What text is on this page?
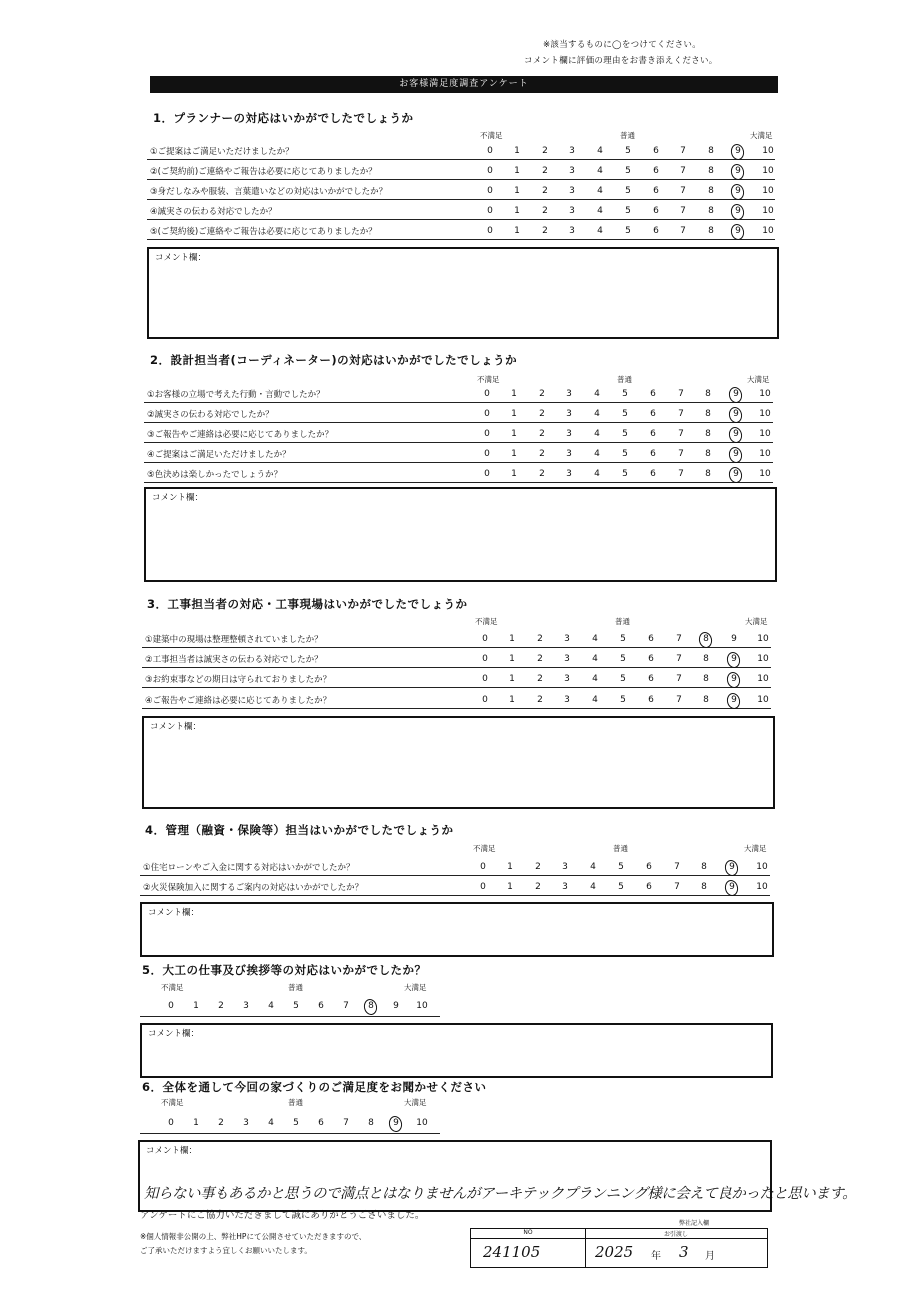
※該当するものに◯をつけてください。
コメント欄に評価の理由をお書き添えください。
お客様満足度調査アンケート
1．プランナーの対応はいかがでしたでしょうか
不満足	普通	大満足
①ご提案はご満足いただけましたか？	0	1	2	3	4	5	6	7	8	9	10
②(ご契約前)ご連絡やご報告は必要に応じてありましたか？	0	1	2	3	4	5	6	7	8	9	10
③身だしなみや服装、言葉遣いなどの対応はいかがでしたか？	0	1	2	3	4	5	6	7	8	9	10
④誠実さの伝わる対応でしたか？	0	1	2	3	4	5	6	7	8	9	10
⑤(ご契約後)ご連絡やご報告は必要に応じてありましたか？	0	1	2	3	4	5	6	7	8	9	10
コメント欄：
2．設計担当者(コーディネーター)の対応はいかがでしたでしょうか
不満足	普通	大満足
①お客様の立場で考えた行動・言動でしたか？	0	1	2	3	4	5	6	7	8	9	10
②誠実さの伝わる対応でしたか？	0	1	2	3	4	5	6	7	8	9	10
③ご報告やご連絡は必要に応じてありましたか？	0	1	2	3	4	5	6	7	8	9	10
④ご提案はご満足いただけましたか？	0	1	2	3	4	5	6	7	8	9	10
⑤色決めは楽しかったでしょうか？	0	1	2	3	4	5	6	7	8	9	10
コメント欄：
3．工事担当者の対応・工事現場はいかがでしたでしょうか
不満足	普通	大満足
①建築中の現場は整理整頓されていましたか？	0	1	2	3	4	5	6	7	8	9	10
②工事担当者は誠実さの伝わる対応でしたか？	0	1	2	3	4	5	6	7	8	9	10
③お約束事などの期日は守られておりましたか？	0	1	2	3	4	5	6	7	8	9	10
④ご報告やご連絡は必要に応じてありましたか？	0	1	2	3	4	5	6	7	8	9	10
コメント欄：
4．管理（融資・保険等）担当はいかがでしたでしょうか
不満足	普通	大満足
①住宅ローンやご入金に関する対応はいかがでしたか？	0	1	2	3	4	5	6	7	8	9	10
②火災保険加入に関するご案内の対応はいかがでしたか？	0	1	2	3	4	5	6	7	8	9	10
コメント欄：
5．大工の仕事及び挨拶等の対応はいかがでしたか？
不満足	普通	大満足
0	1	2	3	4	5	6	7	8	9	10
コメント欄：
6．全体を通して今回の家づくりのご満足度をお聞かせください
不満足	普通	大満足
0	1	2	3	4	5	6	7	8	9	10
コメント欄：
知らない事もあるかと思うので満点とはなりませんがアーキテックプランニング様に会えて良かったと思います。
アンケートにご協力いただきまして誠にありがとうございました。
※個人情報非公開の上、弊社HPにて公開させていただきますので、
ご了承いただけますよう宜しくお願いいたします。
弊社記入欄
NO	お引渡し
241105	2025 年 3 月
